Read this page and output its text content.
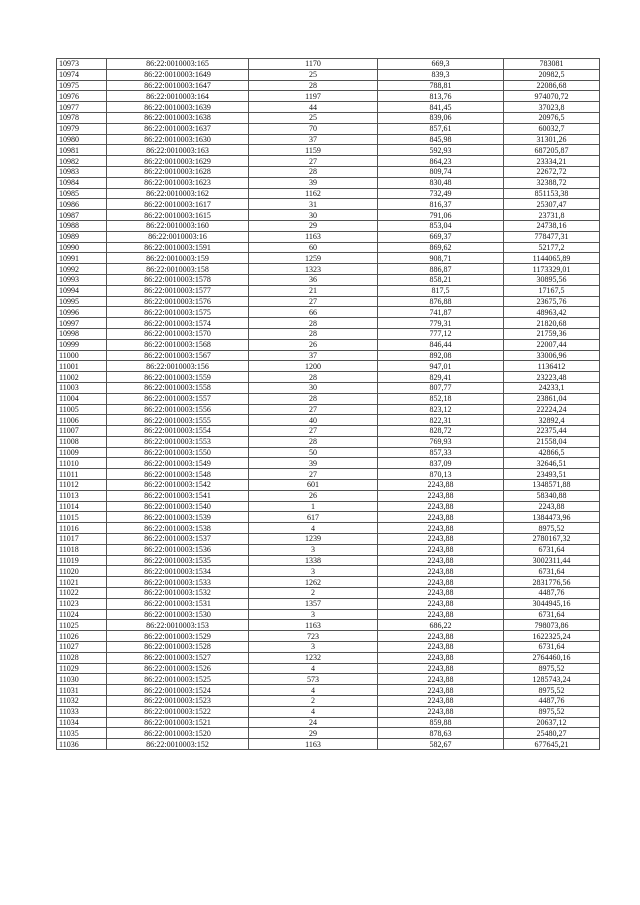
10973	86:22:0010003:165	1170	669,3	783081
10974	86:22:0010003:1649	25	839,3	20982,5
10975	86:22:0010003:1647	28	788,81	22086,68
10976	86:22:0010003:164	1197	813,76	974070,72
10977	86:22:0010003:1639	44	841,45	37023,8
10978	86:22:0010003:1638	25	839,06	20976,5
10979	86:22:0010003:1637	70	857,61	60032,7
10980	86:22:0010003:1630	37	845,98	31301,26
10981	86:22:0010003:163	1159	592,93	687205,87
10982	86:22:0010003:1629	27	864,23	23334,21
10983	86:22:0010003:1628	28	809,74	22672,72
10984	86:22:0010003:1623	39	830,48	32388,72
10985	86:22:0010003:162	1162	732,49	851153,38
10986	86:22:0010003:1617	31	816,37	25307,47
10987	86:22:0010003:1615	30	791,06	23731,8
10988	86:22:0010003:160	29	853,04	24738,16
10989	86:22:0010003:16	1163	669,37	778477,31
10990	86:22:0010003:1591	60	869,62	52177,2
10991	86:22:0010003:159	1259	908,71	1144065,89
10992	86:22:0010003:158	1323	886,87	1173329,01
10993	86:22:0010003:1578	36	858,21	30895,56
10994	86:22:0010003:1577	21	817,5	17167,5
10995	86:22:0010003:1576	27	876,88	23675,76
10996	86:22:0010003:1575	66	741,87	48963,42
10997	86:22:0010003:1574	28	779,31	21820,68
10998	86:22:0010003:1570	28	777,12	21759,36
10999	86:22:0010003:1568	26	846,44	22007,44
11000	86:22:0010003:1567	37	892,08	33006,96
11001	86:22:0010003:156	1200	947,01	1136412
11002	86:22:0010003:1559	28	829,41	23223,48
11003	86:22:0010003:1558	30	807,77	24233,1
11004	86:22:0010003:1557	28	852,18	23861,04
11005	86:22:0010003:1556	27	823,12	22224,24
11006	86:22:0010003:1555	40	822,31	32892,4
11007	86:22:0010003:1554	27	828,72	22375,44
11008	86:22:0010003:1553	28	769,93	21558,04
11009	86:22:0010003:1550	50	857,33	42866,5
11010	86:22:0010003:1549	39	837,09	32646,51
11011	86:22:0010003:1548	27	870,13	23493,51
11012	86:22:0010003:1542	601	2243,88	1348571,88
11013	86:22:0010003:1541	26	2243,88	58340,88
11014	86:22:0010003:1540	1	2243,88	2243,88
11015	86:22:0010003:1539	617	2243,88	1384473,96
11016	86:22:0010003:1538	4	2243,88	8975,52
11017	86:22:0010003:1537	1239	2243,88	2780167,32
11018	86:22:0010003:1536	3	2243,88	6731,64
11019	86:22:0010003:1535	1338	2243,88	3002311,44
11020	86:22:0010003:1534	3	2243,88	6731,64
11021	86:22:0010003:1533	1262	2243,88	2831776,56
11022	86:22:0010003:1532	2	2243,88	4487,76
11023	86:22:0010003:1531	1357	2243,88	3044945,16
11024	86:22:0010003:1530	3	2243,88	6731,64
11025	86:22:0010003:153	1163	686,22	798073,86
11026	86:22:0010003:1529	723	2243,88	1622325,24
11027	86:22:0010003:1528	3	2243,88	6731,64
11028	86:22:0010003:1527	1232	2243,88	2764460,16
11029	86:22:0010003:1526	4	2243,88	8975,52
11030	86:22:0010003:1525	573	2243,88	1285743,24
11031	86:22:0010003:1524	4	2243,88	8975,52
11032	86:22:0010003:1523	2	2243,88	4487,76
11033	86:22:0010003:1522	4	2243,88	8975,52
11034	86:22:0010003:1521	24	859,88	20637,12
11035	86:22:0010003:1520	29	878,63	25480,27
11036	86:22:0010003:152	1163	582,67	677645,21
